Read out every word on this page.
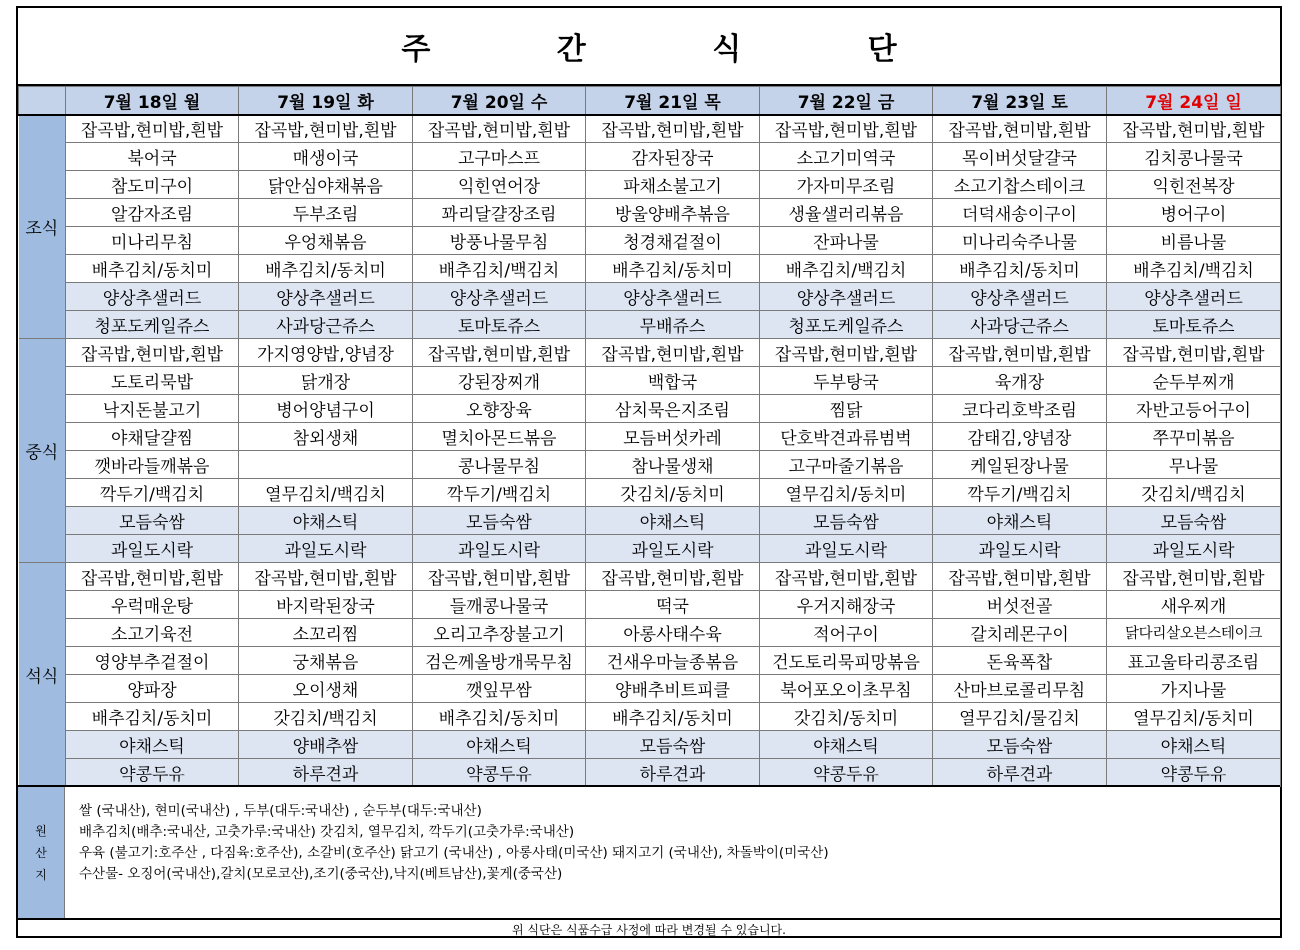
주 간 식 단
	7월 18일 월	7월 19일 화	7월 20일 수	7월 21일 목	7월 22일 금	7월 23일 토	7월 24일 일
조식	잡곡밥,현미밥,흰밥	잡곡밥,현미밥,흰밥	잡곡밥,현미밥,흰밥	잡곡밥,현미밥,흰밥	잡곡밥,현미밥,흰밥	잡곡밥,현미밥,흰밥	잡곡밥,현미밥,흰밥
	북어국	매생이국	고구마스프	감자된장국	소고기미역국	목이버섯달걀국	김치콩나물국
	참도미구이	닭안심야채볶음	익힌연어장	파채소불고기	가자미무조림	소고기찹스테이크	익힌전복장
	알감자조림	두부조림	꽈리달걀장조림	방울양배추볶음	생율샐러리볶음	더덕새송이구이	병어구이
	미나리무침	우엉채볶음	방풍나물무침	청경채겉절이	잔파나물	미나리숙주나물	비름나물
	배추김치/동치미	배추김치/동치미	배추김치/백김치	배추김치/동치미	배추김치/백김치	배추김치/동치미	배추김치/백김치
	양상추샐러드	양상추샐러드	양상추샐러드	양상추샐러드	양상추샐러드	양상추샐러드	양상추샐러드
	청포도케일쥬스	사과당근쥬스	토마토쥬스	무배쥬스	청포도케일쥬스	사과당근쥬스	토마토쥬스
중식	잡곡밥,현미밥,흰밥	가지영양밥,양념장	잡곡밥,현미밥,흰밥	잡곡밥,현미밥,흰밥	잡곡밥,현미밥,흰밥	잡곡밥,현미밥,흰밥	잡곡밥,현미밥,흰밥
	도토리묵밥	닭개장	강된장찌개	백합국	두부탕국	육개장	순두부찌개
	낙지돈불고기	병어양념구이	오향장육	삼치묵은지조림	찜닭	코다리호박조림	자반고등어구이
	야채달걀찜	참외생채	멸치아몬드볶음	모듬버섯카레	단호박견과류범벅	감태김,양념장	쭈꾸미볶음
	깻바라들깨볶음		콩나물무침	참나물생채	고구마줄기볶음	케일된장나물	무나물
	깍두기/백김치	열무김치/백김치	깍두기/백김치	갓김치/동치미	열무김치/동치미	깍두기/백김치	갓김치/백김치
	모듬숙쌈	야채스틱	모듬숙쌈	야채스틱	모듬숙쌈	야채스틱	모듬숙쌈
	과일도시락	과일도시락	과일도시락	과일도시락	과일도시락	과일도시락	과일도시락
석식	잡곡밥,현미밥,흰밥	잡곡밥,현미밥,흰밥	잡곡밥,현미밥,흰밥	잡곡밥,현미밥,흰밥	잡곡밥,현미밥,흰밥	잡곡밥,현미밥,흰밥	잡곡밥,현미밥,흰밥
	우럭매운탕	바지락된장국	들깨콩나물국	떡국	우거지해장국	버섯전골	새우찌개
	소고기육전	소꼬리찜	오리고추장불고기	아롱사태수육	적어구이	갈치레몬구이	닭다리살오븐스테이크
	영양부추겉절이	궁채볶음	검은께올방개묵무침	건새우마늘종볶음	건도토리묵피망볶음	돈육폭찹	표고울타리콩조림
	양파장	오이생채	깻잎무쌈	양배추비트피클	북어포오이초무침	산마브로콜리무침	가지나물
	배추김치/동치미	갓김치/백김치	배추김치/동치미	배추김치/동치미	갓김치/동치미	열무김치/물김치	열무김치/동치미
	야채스틱	양배추쌈	야채스틱	모듬숙쌈	야채스틱	모듬숙쌈	야채스틱
	약콩두유	하루견과	약콩두유	하루견과	약콩두유	하루견과	약콩두유
원
산
지
쌀 (국내산), 현미(국내산) , 두부(대두:국내산) , 순두부(대두:국내산)
배추김치(배추:국내산, 고춧가루:국내산) 갓김치, 열무김치, 깍두기(고춧가루:국내산)
우육 (불고기:호주산 , 다짐육:호주산), 소갈비(호주산) 닭고기 (국내산) , 아롱사태(미국산) 돼지고기 (국내산), 차돌박이(미국산)
수산물- 오징어(국내산),갈치(모로코산),조기(중국산),낙지(베트남산),꽃게(중국산)
위 식단은 식품수급 사정에 따라 변경될 수 있습니다.
